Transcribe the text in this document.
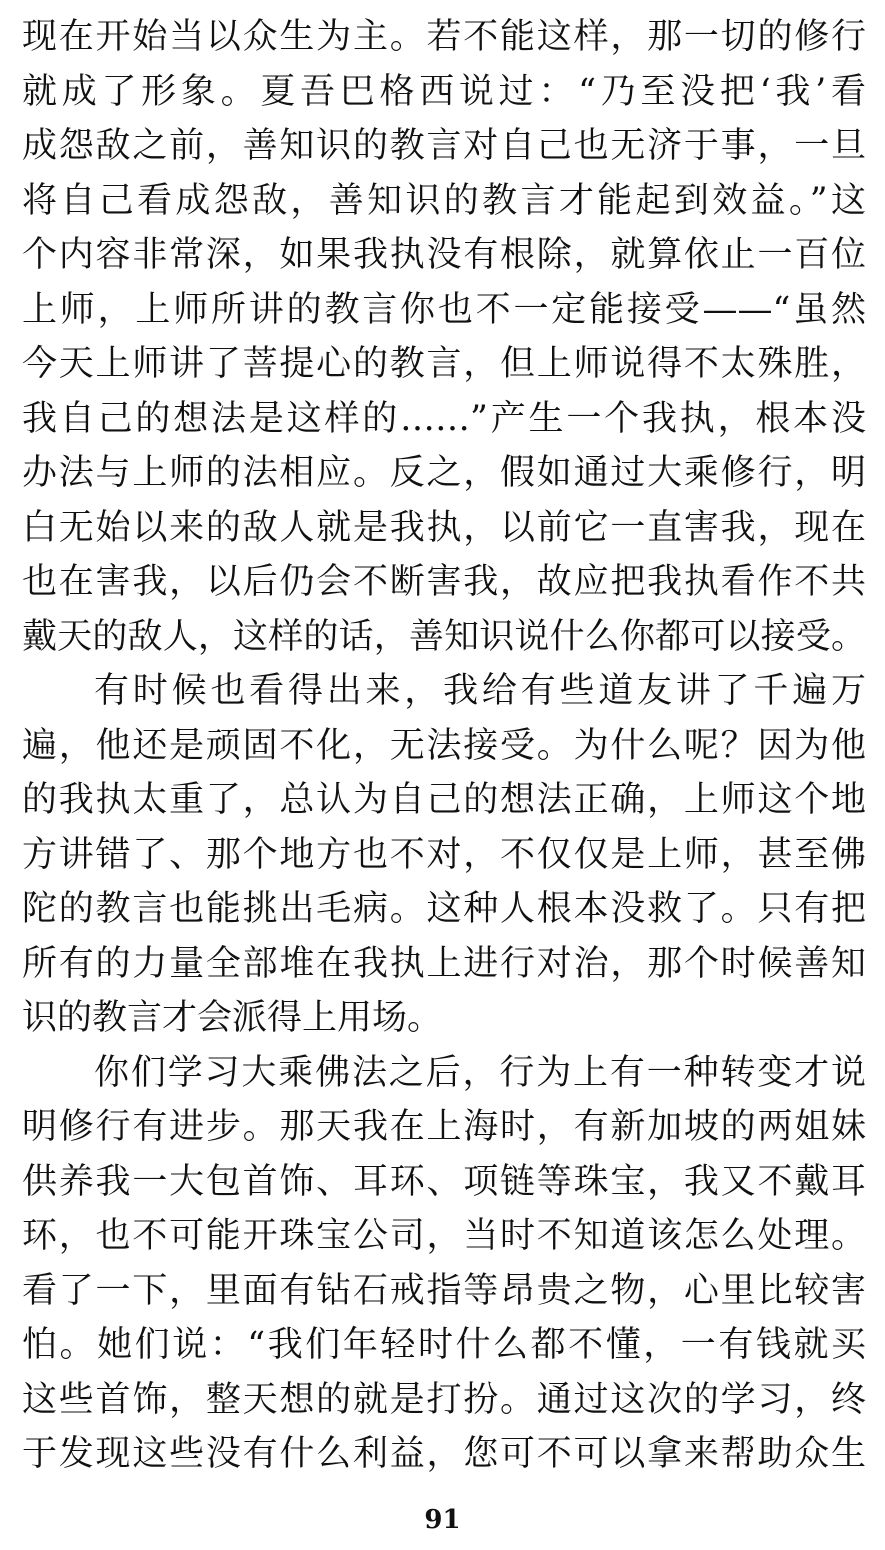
现在开始当以众生为主。若不能这样，那一切的修行
就成了形象。夏吾巴格西说过：“乃至没把‘我’看
成怨敌之前，善知识的教言对自己也无济于事，一旦
将自己看成怨敌，善知识的教言才能起到效益。”这
个内容非常深，如果我执没有根除，就算依止一百位
上师，上师所讲的教言你也不一定能接受——“虽然
今天上师讲了菩提心的教言，但上师说得不太殊胜，
我自己的想法是这样的……”产生一个我执，根本没
办法与上师的法相应。反之，假如通过大乘修行，明
白无始以来的敌人就是我执，以前它一直害我，现在
也在害我，以后仍会不断害我，故应把我执看作不共
戴天的敌人，这样的话，善知识说什么你都可以接受。
有时候也看得出来，我给有些道友讲了千遍万
遍，他还是顽固不化，无法接受。为什么呢？因为他
的我执太重了，总认为自己的想法正确，上师这个地
方讲错了、那个地方也不对，不仅仅是上师，甚至佛
陀的教言也能挑出毛病。这种人根本没救了。只有把
所有的力量全部堆在我执上进行对治，那个时候善知
识的教言才会派得上用场。
你们学习大乘佛法之后，行为上有一种转变才说
明修行有进步。那天我在上海时，有新加坡的两姐妹
供养我一大包首饰、耳环、项链等珠宝，我又不戴耳
环，也不可能开珠宝公司，当时不知道该怎么处理。
看了一下，里面有钻石戒指等昂贵之物，心里比较害
怕。她们说：“我们年轻时什么都不懂，一有钱就买
这些首饰，整天想的就是打扮。通过这次的学习，终
于发现这些没有什么利益，您可不可以拿来帮助众生
91
